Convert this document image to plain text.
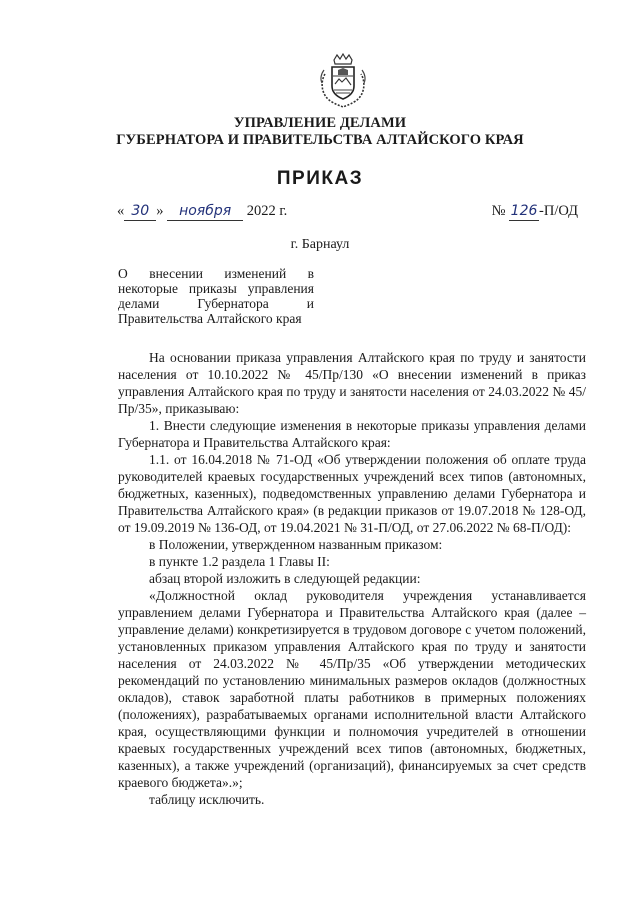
УПРАВЛЕНИЕ ДЕЛАМИ
ГУБЕРНАТОРА И ПРАВИТЕЛЬСТВА АЛТАЙСКОГО КРАЯ
ПРИКАЗ
« 30 » ноября 2022 г.	№ 126 -П/ОД
г. Барнаул
О внесении изменений в некоторые приказы управления делами Губернатора и Правительства Алтайского края

На основании приказа управления Алтайского края по труду и занятости населения от 10.10.2022 № 45/Пр/130 «О внесении изменений в приказ управления Алтайского края по труду и занятости населения от 24.03.2022 № 45/Пр/35», приказываю:

1. Внести следующие изменения в некоторые приказы управления делами Губернатора и Правительства Алтайского края:

1.1. от 16.04.2018 № 71-ОД «Об утверждении положения об оплате труда руководителей краевых государственных учреждений всех типов (автономных, бюджетных, казенных), подведомственных управлению делами Губернатора и Правительства Алтайского края» (в редакции приказов от 19.07.2018 № 128-ОД, от 19.09.2019 № 136-ОД, от 19.04.2021 № 31-П/ОД, от 27.06.2022 № 68-П/ОД):

в Положении, утвержденном названным приказом:

в пункте 1.2 раздела 1 Главы II:

абзац второй изложить в следующей редакции:

«Должностной оклад руководителя учреждения устанавливается управлением делами Губернатора и Правительства Алтайского края (далее – управление делами) конкретизируется в трудовом договоре с учетом положений, установленных приказом управления Алтайского края по труду и занятости населения от 24.03.2022 № 45/Пр/35 «Об утверждении методических рекомендаций по установлению минимальных размеров окладов (должностных окладов), ставок заработной платы работников в примерных положениях (положениях), разрабатываемых органами исполнительной власти Алтайского края, осуществляющими функции и полномочия учредителей в отношении краевых государственных учреждений всех типов (автономных, бюджетных, казенных), а также учреждений (организаций), финансируемых за счет средств краевого бюджета».»;

таблицу исключить.
